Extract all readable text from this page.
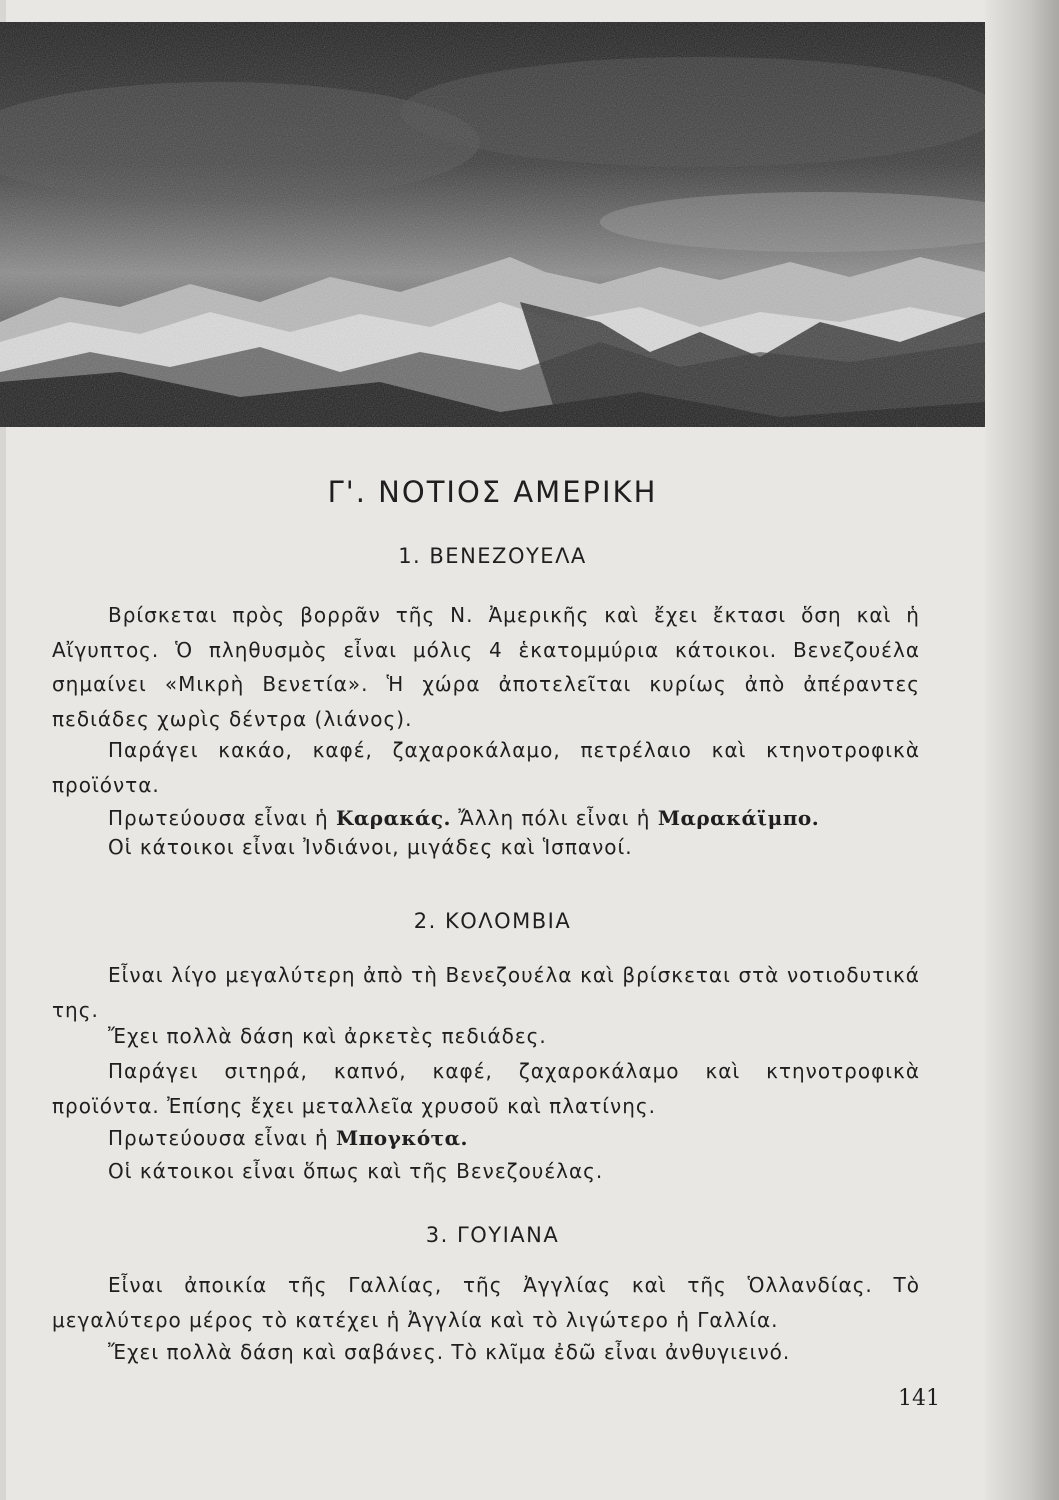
Γ'. ΝΟΤΙΟΣ ΑΜΕΡΙΚΗ
1. ΒΕΝΕΖΟΥΕΛΑ

Βρίσκεται πρὸς βορρᾶν τῆς Ν. Ἀμερικῆς καὶ ἔχει ἔκτασι ὅση καὶ ἡ Αἴγυπτος. Ὁ πληθυσμὸς εἶναι μόλις 4 ἑκατομμύρια κάτοικοι. Βενεζουέλα σημαίνει «Μικρὴ Βενετία». Ἡ χώρα ἀποτελεῖται κυρίως ἀπὸ ἀπέραντες πεδιάδες χωρὶς δέντρα (λιάνος).

Παράγει κακάο, καφέ, ζαχαροκάλαμο, πετρέλαιο καὶ κτηνοτροφικὰ προϊόντα.

Πρωτεύουσα εἶναι ἡ Καρακάς. Ἄλλη πόλι εἶναι ἡ Μαρακάϊμπο.

Οἱ κάτοικοι εἶναι Ἰνδιάνοι, μιγάδες καὶ Ἱσπανοί.

2. ΚΟΛΟΜΒΙΑ

Εἶναι λίγο μεγαλύτερη ἀπὸ τὴ Βενεζουέλα καὶ βρίσκεται στὰ νοτιοδυτικά της.

Ἔχει πολλὰ δάση καὶ ἀρκετὲς πεδιάδες.

Παράγει σιτηρά, καπνό, καφέ, ζαχαροκάλαμο καὶ κτηνοτροφικὰ προϊόντα. Ἐπίσης ἔχει μεταλλεῖα χρυσοῦ καὶ πλατίνης.

Πρωτεύουσα εἶναι ἡ Μπογκότα.

Οἱ κάτοικοι εἶναι ὅπως καὶ τῆς Βενεζουέλας.

3. ΓΟΥΙΑΝΑ

Εἶναι ἀποικία τῆς Γαλλίας, τῆς Ἀγγλίας καὶ τῆς Ὁλλανδίας. Τὸ μεγαλύτερο μέρος τὸ κατέχει ἡ Ἀγγλία καὶ τὸ λιγώτερο ἡ Γαλλία.

Ἔχει πολλὰ δάση καὶ σαβάνες. Τὸ κλῖμα ἐδῶ εἶναι ἀνθυγιεινό.

141
